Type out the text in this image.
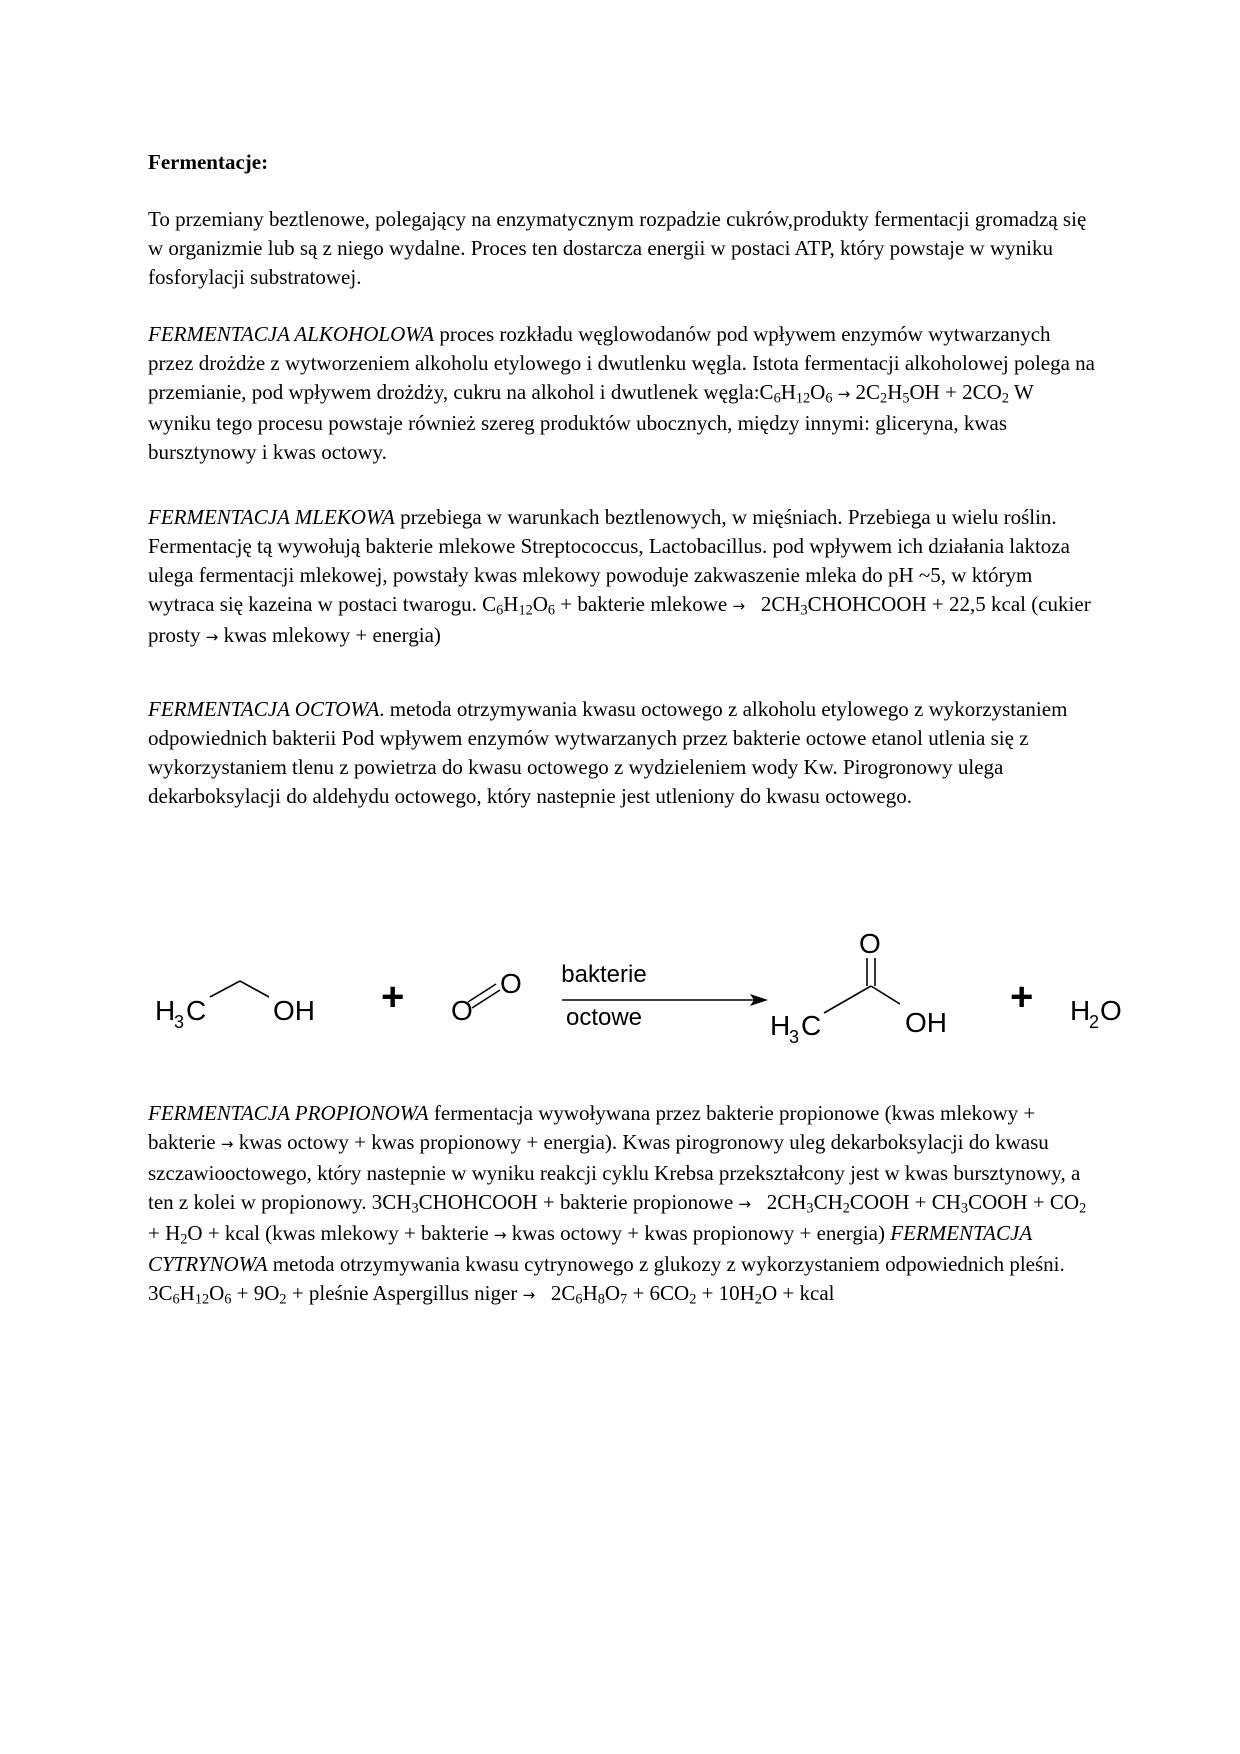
Fermentacje:

To przemiany beztlenowe, polegający na enzymatycznym rozpadzie cukrów,produkty fermentacji gromadzą się w organizmie lub są z niego wydalne. Proces ten dostarcza energii w postaci ATP, który powstaje w wyniku fosforylacji substratowej.

FERMENTACJA ALKOHOLOWA proces rozkładu węglowodanów pod wpływem enzymów wytwarzanych przez drożdże z wytworzeniem alkoholu etylowego i dwutlenku węgla. Istota fermentacji alkoholowej polega na przemianie, pod wpływem drożdży, cukru na alkohol i dwutlenek $węgla:C_6H_{12}O_6 \to 2C_2H_5OH + 2CO_2$ W wyniku tego procesu powstaje również szereg produktów ubocznych, między innymi: gliceryna, kwas bursztynowy i kwas octowy.

FERMENTACJA MLEKOWA przebiega w warunkach beztlenowych, w mięśniach. Przebiega u wielu roślin. Fermentację tą wywołują bakterie mlekowe Streptococcus, Lactobacillus. pod wpływem ich działania laktoza ulega fermentacji mlekowej, powstały kwas mlekowy powoduje zakwaszenie mleka do pH ~5, w którym wytraca się kazeina w postaci twarogu. $C_6H_{12}O_6$ + bakterie mlekowe →   $2CH_3CHOHCOOH + 22,5$ kcal (cukier prosty → kwas mlekowy + energia)

FERMENTACJA OCTOWA. metoda otrzymywania kwasu octowego z alkoholu etylowego z wykorzystaniem odpowiednich bakterii Pod wpływem enzymów wytwarzanych przez bakterie octowe etanol utlenia się z wykorzystaniem tlenu z powietrza do kwasu octowego z wydzieleniem wody Kw. Pirogronowy ulega dekarboksylacji do aldehydu octowego, który nastepnie jest utleniony do kwasu octowego.

H
3 C OH + O
O bakterie
octowe	H
3 C
O
OH
+ H
2 O

FERMENTACJA PROPIONOWA fermentacja wywoływana przez bakterie propionowe (kwas mlekowy + bakterie → kwas octowy + kwas propionowy + energia). Kwas pirogronowy uleg dekarboksylacji do kwasu szczawiooctowego, który nastepnie w wyniku reakcji cyklu Krebsa przekształcony jest w kwas bursztynowy, a ten z kolei w propionowy. $3CH_3CHOHCOOH$ + bakterie propionowe →   $2CH_3CH_2COOH$ + $CH_3COOH + CO_2 + H_2O$ + kcal (kwas mlekowy + bakterie → kwas octowy + kwas propionowy + energia) FERMENTACJA CYTRYNOWA metoda otrzymywania kwasu cytrynowego z glukozy z wykorzystaniem odpowiednich pleśni. $3C_6H_{12}O_6 + 9O_2$ + pleśnie Aspergillus niger →   $2C_6H_8O_7 + 6CO_2 + 10H_2O$ + kcal
